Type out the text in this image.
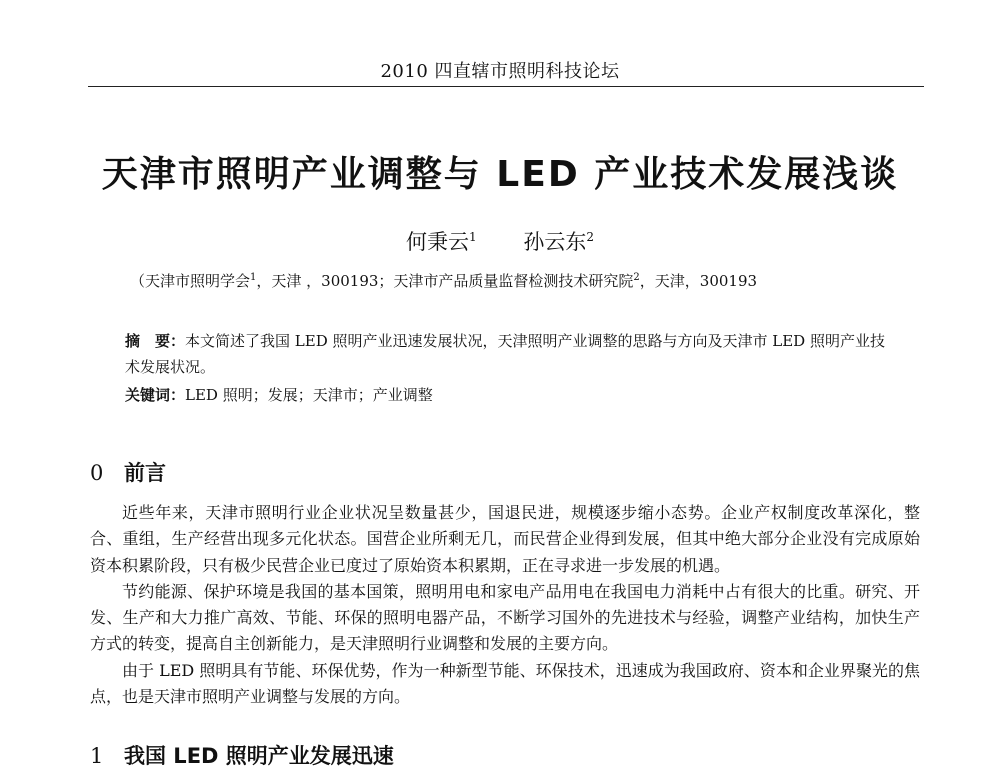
2010 四直辖市照明科技论坛
天津市照明产业调整与 LED 产业技术发展浅谈
何秉云$^1$ 孙云东$^2$
（天津市照明学会$^1$，天津 ，300193；天津市产品质量监督检测技术研究院$^2$，天津，300193
摘　要：本文简述了我国 LED 照明产业迅速发展状况，天津照明产业调整的思路与方向及天津市 LED 照明产业技术发展状况。
关键词：LED 照明；发展；天津市；产业调整
0 前言

近些年来，天津市照明行业企业状况呈数量甚少，国退民进，规模逐步缩小态势。企业产权制度改革深化，整合、重组，生产经营出现多元化状态。国营企业所剩无几，而民营企业得到发展，但其中绝大部分企业没有完成原始资本积累阶段，只有极少民营企业已度过了原始资本积累期，正在寻求进一步发展的机遇。

节约能源、保护环境是我国的基本国策，照明用电和家电产品用电在我国电力消耗中占有很大的比重。研究、开发、生产和大力推广高效、节能、环保的照明电器产品，不断学习国外的先进技术与经验，调整产业结构，加快生产方式的转变，提高自主创新能力，是天津照明行业调整和发展的主要方向。

由于 LED 照明具有节能、环保优势，作为一种新型节能、环保技术，迅速成为我国政府、资本和企业界聚光的焦点，也是天津市照明产业调整与发展的方向。

1 我国 LED 照明产业发展迅速
